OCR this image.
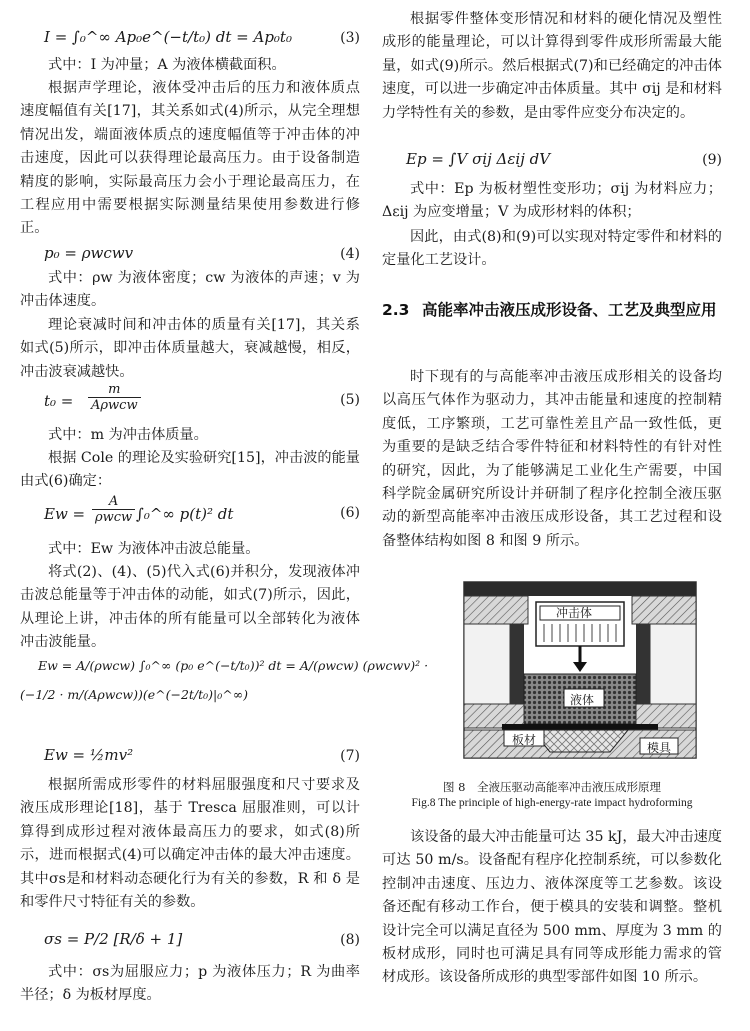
I = ∫₀^∞ Ap₀e^(−t/t₀) dt = Ap₀t₀	(3)

式中：I 为冲量；A 为液体横截面积。

根据声学理论，液体受冲击后的压力和液体质点速度幅值有关[17]，其关系如式(4)所示，从完全理想情况出发，端面液体质点的速度幅值等于冲击体的冲击速度，因此可以获得理论最高压力。由于设备制造精度的影响，实际最高压力会小于理论最高压力，在工程应用中需要根据实际测量结果使用参数进行修正。

p₀ = ρwcwv	(4)

式中：ρw 为液体密度；cw 为液体的声速；v 为冲击体速度。

理论衰减时间和冲击体的质量有关[17]，其关系如式(5)所示，即冲击体质量越大，衰减越慢，相反，冲击波衰减越快。

t₀ =
m
Aρwcw	(5)

式中：m 为冲击体质量。

根据 Cole 的理论及实验研究[15]，冲击波的能量由式(6)确定：

Ew =
A
ρwcw ∫₀^∞ p(t)² dt	(6)

式中：Ew 为液体冲击波总能量。

将式(2)、(4)、(5)代入式(6)并积分，发现液体冲击波总能量等于冲击体的动能，如式(7)所示，因此，从理论上讲，冲击体的所有能量可以全部转化为液体冲击波能量。

Ew = A/(ρwcw) ∫₀^∞ (p₀ e^(−t/t₀))² dt = A/(ρwcw) (ρwcwv)² ·
(−1/2 · m/(Aρwcw))(e^(−2t/t₀)|₀^∞)
Ew = ½mv²	(7)

根据所需成形零件的材料屈服强度和尺寸要求及液压成形理论[18]，基于 Tresca 屈服准则，可以计算得到成形过程对液体最高压力的要求，如式(8)所示，进而根据式(4)可以确定冲击体的最大冲击速度。其中σs是和材料动态硬化行为有关的参数，R 和 δ 是和零件尺寸特征有关的参数。

σs = P/2 [R/δ + 1]	(8)

式中：σs为屈服应力；p 为液体压力；R 为曲率半径；δ 为板材厚度。

根据零件整体变形情况和材料的硬化情况及塑性成形的能量理论，可以计算得到零件成形所需最大能量，如式(9)所示。然后根据式(7)和已经确定的冲击体速度，可以进一步确定冲击体质量。其中 σij 是和材料力学特性有关的参数，是由零件应变分布决定的。

Ep = ∫V σij Δεij dV	(9)

式中：Ep 为板材塑性变形功；σij 为材料应力；Δεij 为应变增量；V 为成形材料的体积；

因此，由式(8)和(9)可以实现对特定零件和材料的定量化工艺设计。

2.3 高能率冲击液压成形设备、工艺及典型应用

时下现有的与高能率冲击液压成形相关的设备均以高压气体作为驱动力，其冲击能量和速度的控制精度低，工序繁琐，工艺可靠性差且产品一致性低，更为重要的是缺乏结合零件特征和材料特性的有针对性的研究，因此，为了能够满足工业化生产需要，中国科学院金属研究所设计并研制了程序化控制全液压驱动的新型高能率冲击液压成形设备，其工艺过程和设备整体结构如图 8 和图 9 所示。

冲击体
液体
板材
模具
图 8　全液压驱动高能率冲击液压成形原理
Fig.8 The principle of high-energy-rate impact hydroforming

该设备的最大冲击能量可达 35 kJ，最大冲击速度可达 50 m/s。设备配有程序化控制系统，可以参数化控制冲击速度、压边力、液体深度等工艺参数。该设备还配有移动工作台，便于模具的安装和调整。整机设计完全可以满足直径为 500 mm、厚度为 3 mm 的板材成形，同时也可满足具有同等成形能力需求的管材成形。该设备所成形的典型零部件如图 10 所示。
